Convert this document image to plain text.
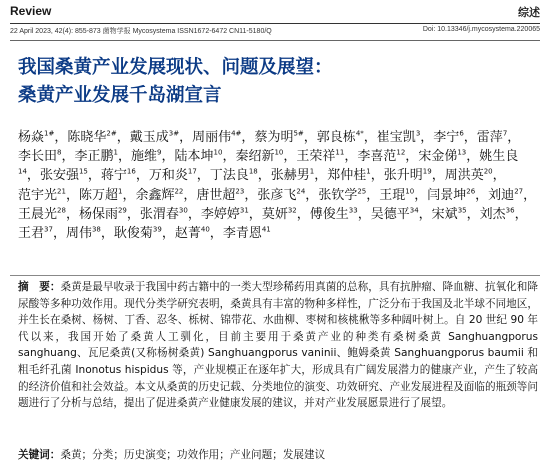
Review	综述
22 April 2023, 42(4): 855-873 菌物学报 Mycosystema ISSN1672-6472 CN11-5180/Q	Doi: 10.13346/j.mycosystema.220065
我国桑黄产业发展现状、问题及展望：
桑黄产业发展千岛湖宣言
杨焱$^{1\#}$，陈晓华$^{2\#}$，戴玉成$^{3\#}$，周丽伟$^{4\#}$，蔡为明$^{5\#}$，郭良栋$^{4*}$，崔宝凯$^3$，李宁$^6$，雷萍$^7$，李长田$^8$，李正鹏$^1$，施维$^9$，陆本坤$^{10}$，秦绍新$^{10}$，王荣祥$^{11}$，李喜范$^{12}$，宋金俤$^{13}$，姚生良$^{14}$，张安强$^{15}$，蒋宁$^{16}$，万和炎$^{17}$，丁法良$^{18}$，张赫男$^1$，郑仲桂$^1$，张升明$^{19}$，周洪英$^{20}$，范宇光$^{21}$，陈万超$^1$，余鑫辉$^{22}$，唐世超$^{23}$，张彦飞$^{24}$，张钦学$^{25}$，王琨$^{10}$，闫景坤$^{26}$，刘迪$^{27}$，王晨光$^{28}$，杨保雨$^{29}$，张渭春$^{30}$，李婷婷$^{31}$，莫妍$^{32}$，傅俊生$^{33}$，吴德平$^{34}$，宋斌$^{35}$，刘杰$^{36}$，王君$^{37}$，周伟$^{38}$，耿俊菊$^{39}$，赵菁$^{40}$，李青恩$^{41}$
摘　要：桑黄是最早收录于我国中药古籍中的一类大型珍稀药用真菌的总称，具有抗肿瘤、降血糖、抗氧化和降尿酸等多种功效作用。现代分类学研究表明，桑黄具有丰富的物种多样性，广泛分布于我国及北半球不同地区，并生长在桑树、杨树、丁香、忍冬、栎树、锦带花、水曲柳、枣树和核桃楸等多种阔叶树上。自 20 世纪 90 年代以来，我国开始了桑黄人工驯化，目前主要用于桑黄产业的种类有桑树桑黄 Sanghuangporus sanghuang、瓦尼桑黄(又称杨树桑黄) Sanghuangporus vaninii、鲍姆桑黄 Sanghuangporus baumii 和粗毛纤孔菌 Inonotus hispidus 等，产业规模正在逐年扩大，形成具有广阔发展潜力的健康产业，产生了较高的经济价值和社会效益。本文从桑黄的历史记载、分类地位的演变、功效研究、产业发展进程及面临的瓶颈等问题进行了分析与总结，提出了促进桑黄产业健康发展的建议，并对产业发展愿景进行了展望。
关键词：桑黄；分类；历史演变；功效作用；产业问题；发展建议
